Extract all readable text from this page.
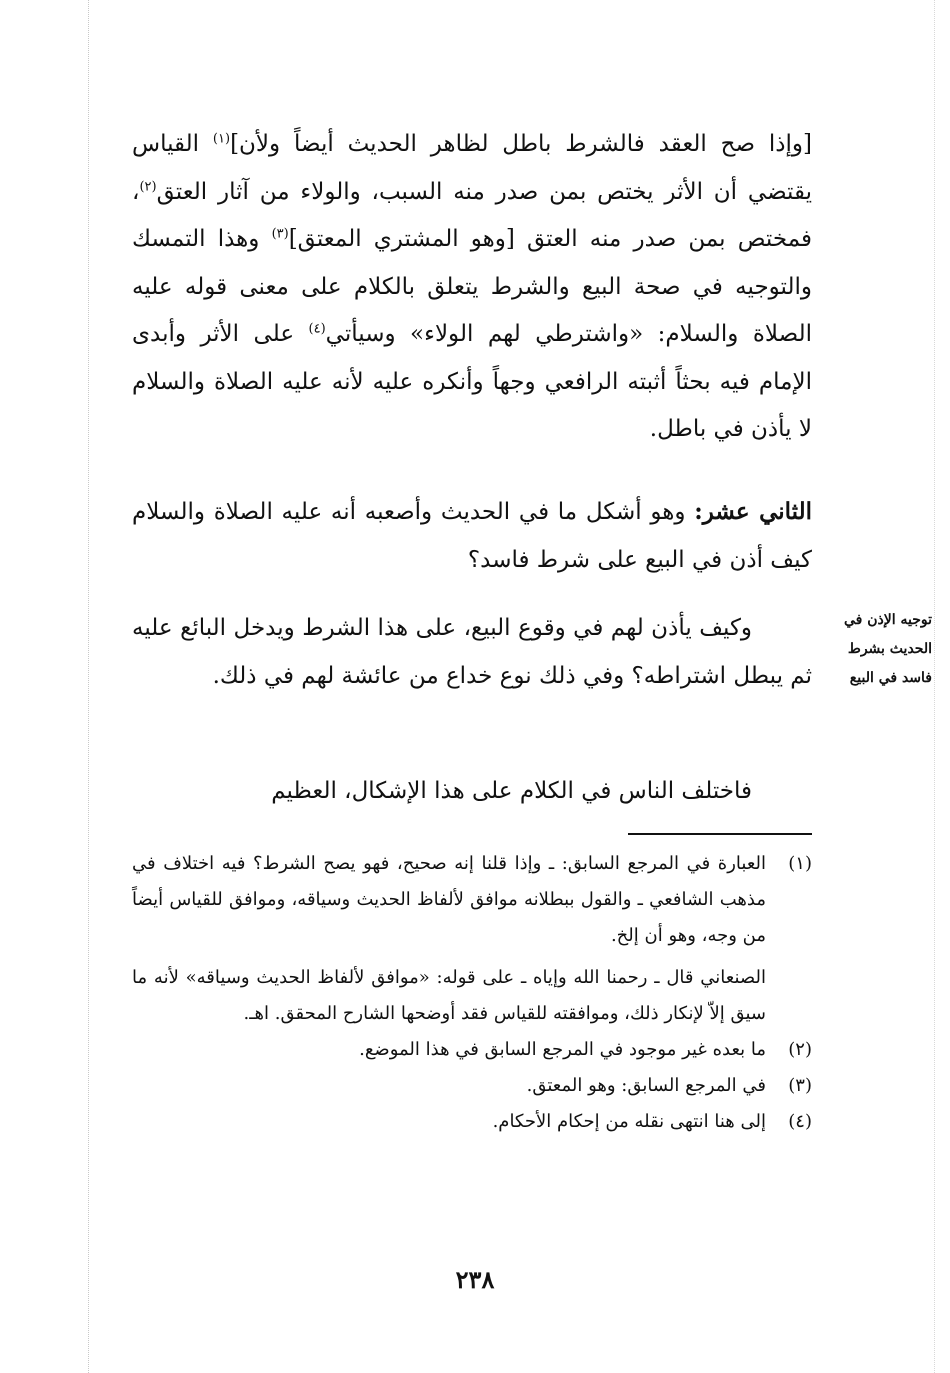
[وإذا صح العقد فالشرط باطل لظاهر الحديث أيضاً ولأن]$^{(١)}$ القياس يقتضي أن الأثر يختص بمن صدر منه السبب، والولاء من آثار العتق$^{(٢)}$، فمختص بمن صدر منه العتق [وهو المشتري المعتق]$^{(٣)}$ وهذا التمسك والتوجيه في صحة البيع والشرط يتعلق بالكلام على معنى قوله عليه الصلاة والسلام: «واشترطي لهم الولاء» وسيأتي$^{(٤)}$ على الأثر وأبدى الإمام فيه بحثاً أثبته الرافعي وجهاً وأنكره عليه لأنه عليه الصلاة والسلام لا يأذن في باطل.
الثاني عشر: وهو أشكل ما في الحديث وأصعبه أنه عليه الصلاة والسلام كيف أذن في البيع على شرط فاسد؟
وكيف يأذن لهم في وقوع البيع، على هذا الشرط ويدخل البائع عليه ثم يبطل اشتراطه؟ وفي ذلك نوع خداع من عائشة لهم في ذلك.
توجيه الإذن في الحديث بشرط فاسد في البيع
فاختلف الناس في الكلام على هذا الإشكال، العظيم
(١)
العبارة في المرجع السابق: ـ وإذا قلنا إنه صحيح، فهو يصح الشرط؟ فيه اختلاف في مذهب الشافعي ـ والقول ببطلانه موافق لألفاظ الحديث وسياقه، وموافق للقياس أيضاً من وجه، وهو أن إلخ.
الصنعاني قال ـ رحمنا الله وإياه ـ على قوله: «موافق لألفاظ الحديث وسياقه» لأنه ما سيق إلاّ لإنكار ذلك، وموافقته للقياس فقد أوضحها الشارح المحقق. اهـ.
(٢)
ما بعده غير موجود في المرجع السابق في هذا الموضع.
(٣)
في المرجع السابق: وهو المعتق.
(٤)
إلى هنا انتهى نقله من إحكام الأحكام.
٢٣٨
